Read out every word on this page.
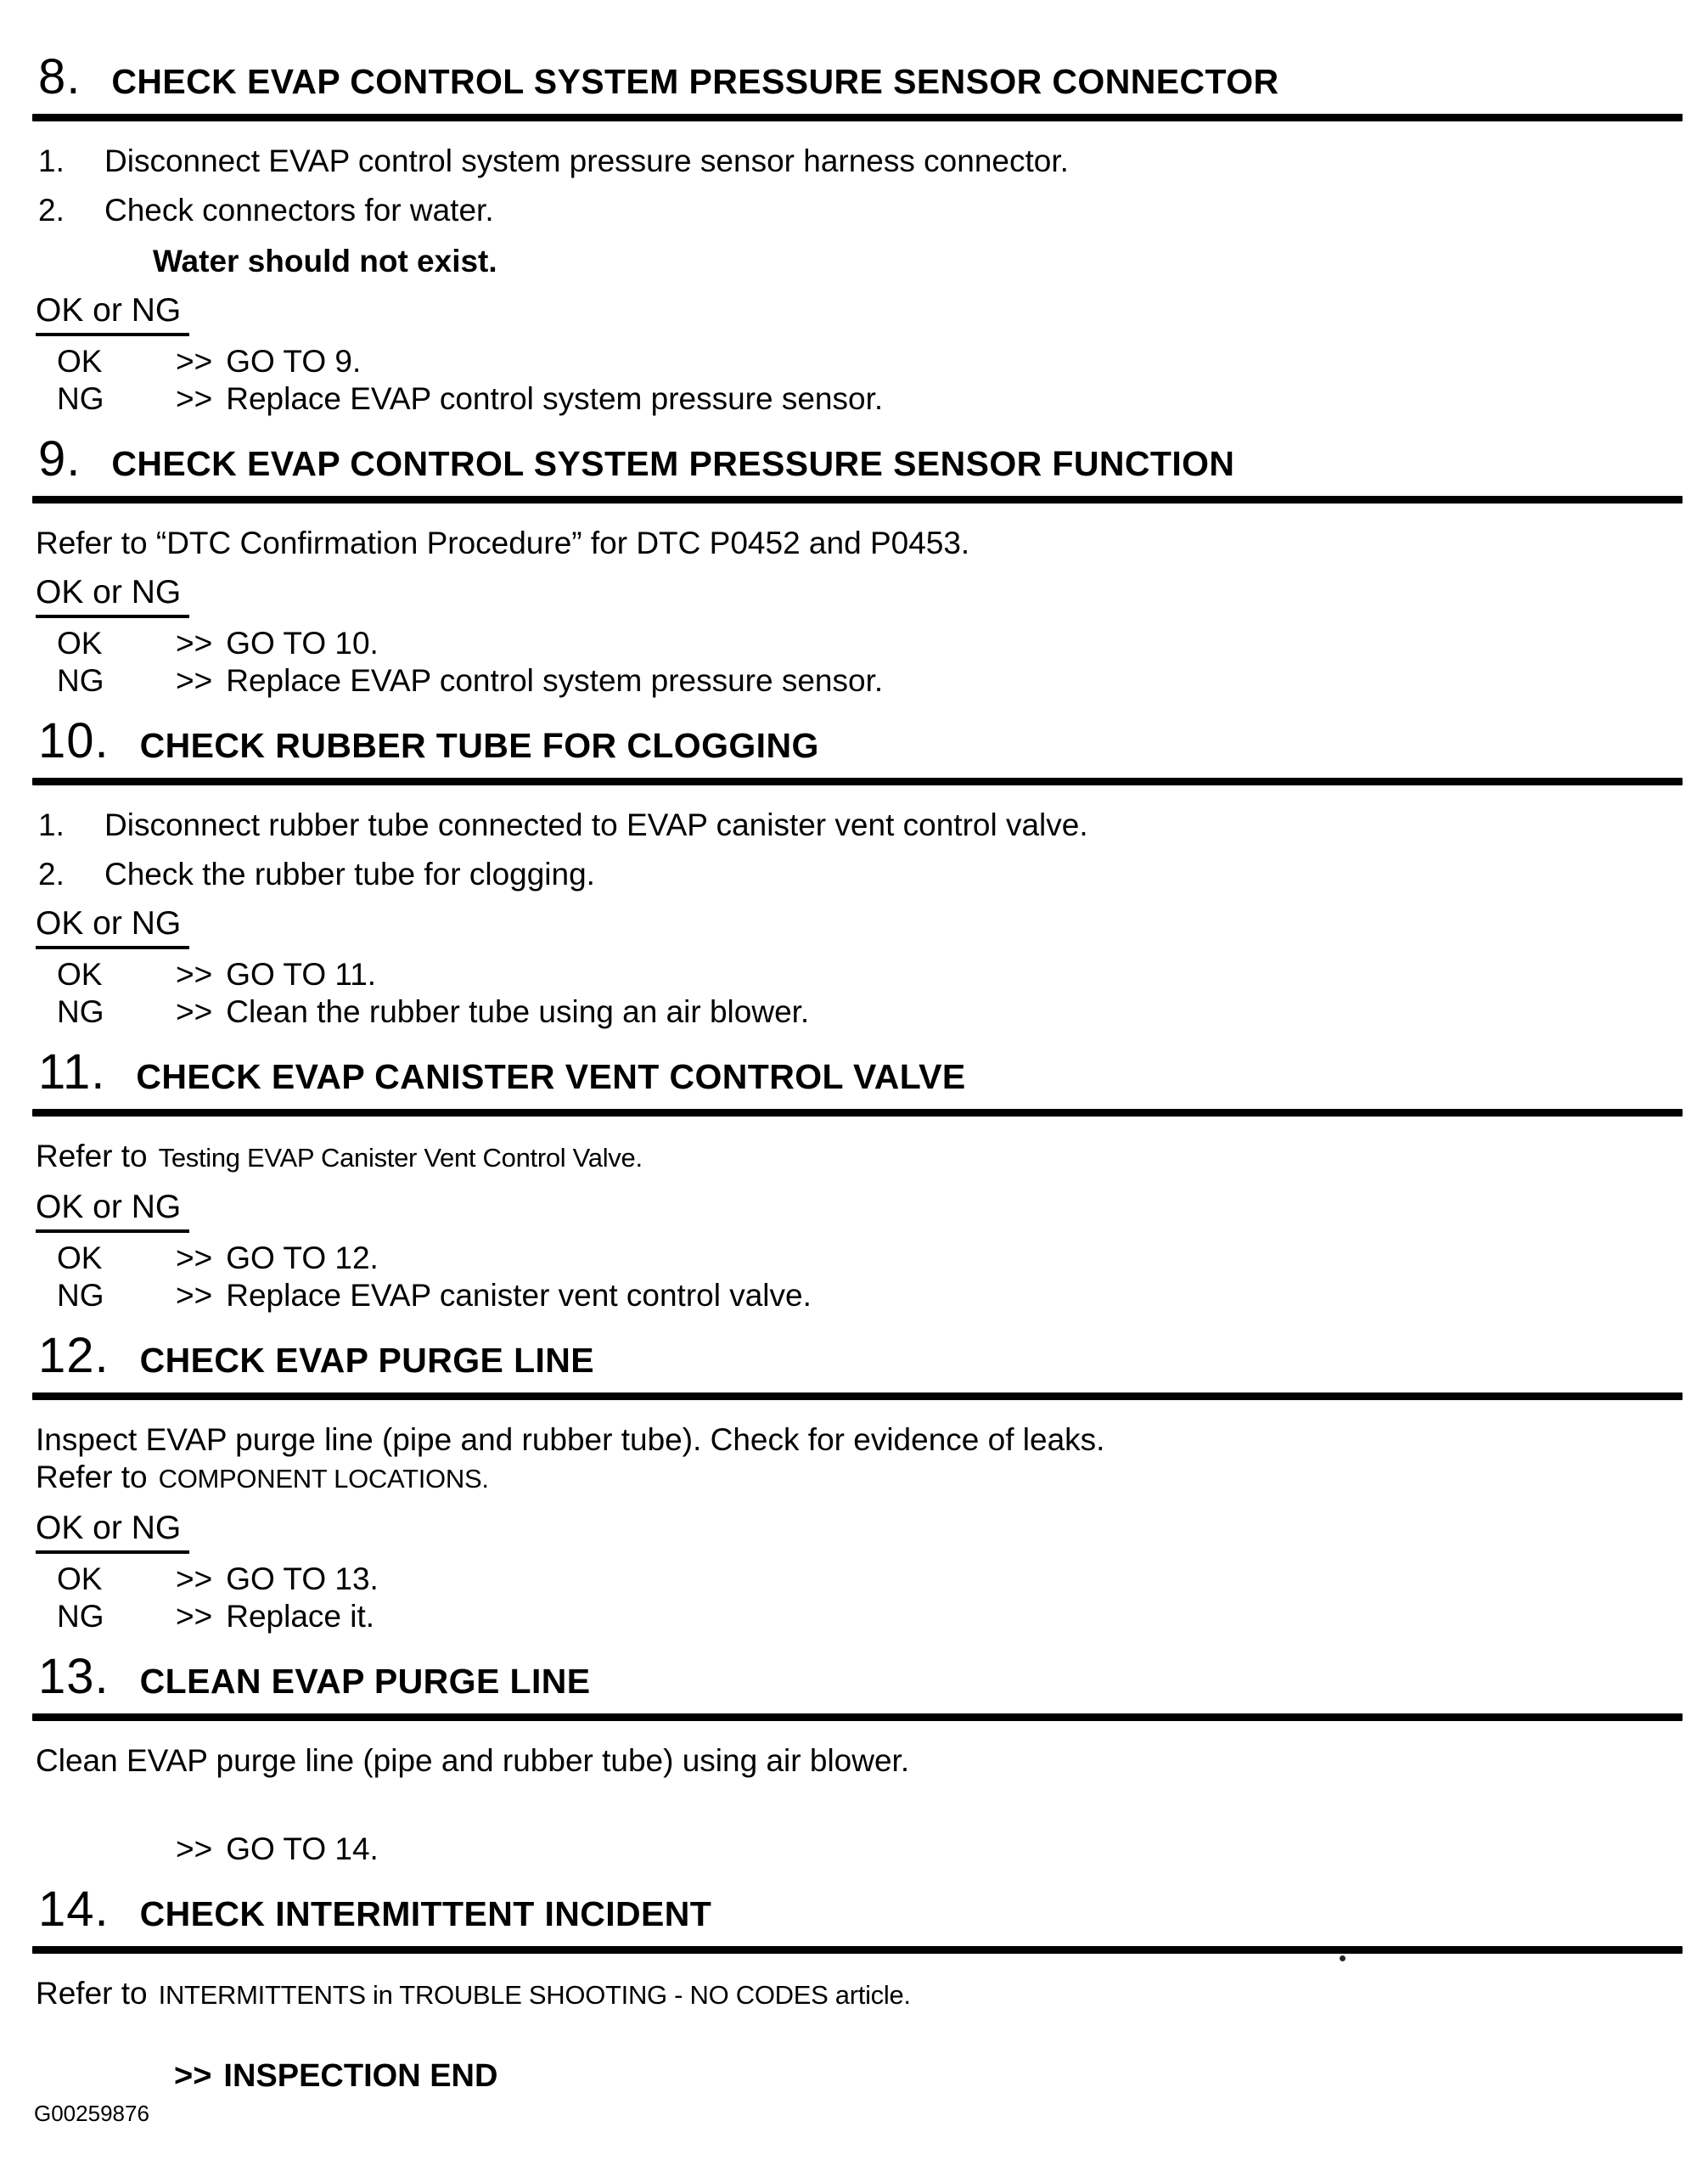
8. CHECK EVAP CONTROL SYSTEM PRESSURE SENSOR CONNECTOR
1.	Disconnect EVAP control system pressure sensor harness connector.
2.	Check connectors for water.
Water should not exist.
OK or NG
OK	>> GO TO 9.
NG	>> Replace EVAP control system pressure sensor.
9. CHECK EVAP CONTROL SYSTEM PRESSURE SENSOR FUNCTION
Refer to “DTC Confirmation Procedure” for DTC P0452 and P0453.
OK or NG
OK	>> GO TO 10.
NG	>> Replace EVAP control system pressure sensor.
10. CHECK RUBBER TUBE FOR CLOGGING
1.	Disconnect rubber tube connected to EVAP canister vent control valve.
2.	Check the rubber tube for clogging.
OK or NG
OK	>> GO TO 11.
NG	>> Clean the rubber tube using an air blower.
11. CHECK EVAP CANISTER VENT CONTROL VALVE
Refer to Testing EVAP Canister Vent Control Valve.
OK or NG
OK	>> GO TO 12.
NG	>> Replace EVAP canister vent control valve.
12. CHECK EVAP PURGE LINE
Inspect EVAP purge line (pipe and rubber tube). Check for evidence of leaks.
Refer to COMPONENT LOCATIONS.
OK or NG
OK	>> GO TO 13.
NG	>> Replace it.
13. CLEAN EVAP PURGE LINE
Clean EVAP purge line (pipe and rubber tube) using air blower.
>> GO TO 14.
14. CHECK INTERMITTENT INCIDENT
Refer to INTERMITTENTS in TROUBLE SHOOTING - NO CODES article.
>> INSPECTION END
G00259876
